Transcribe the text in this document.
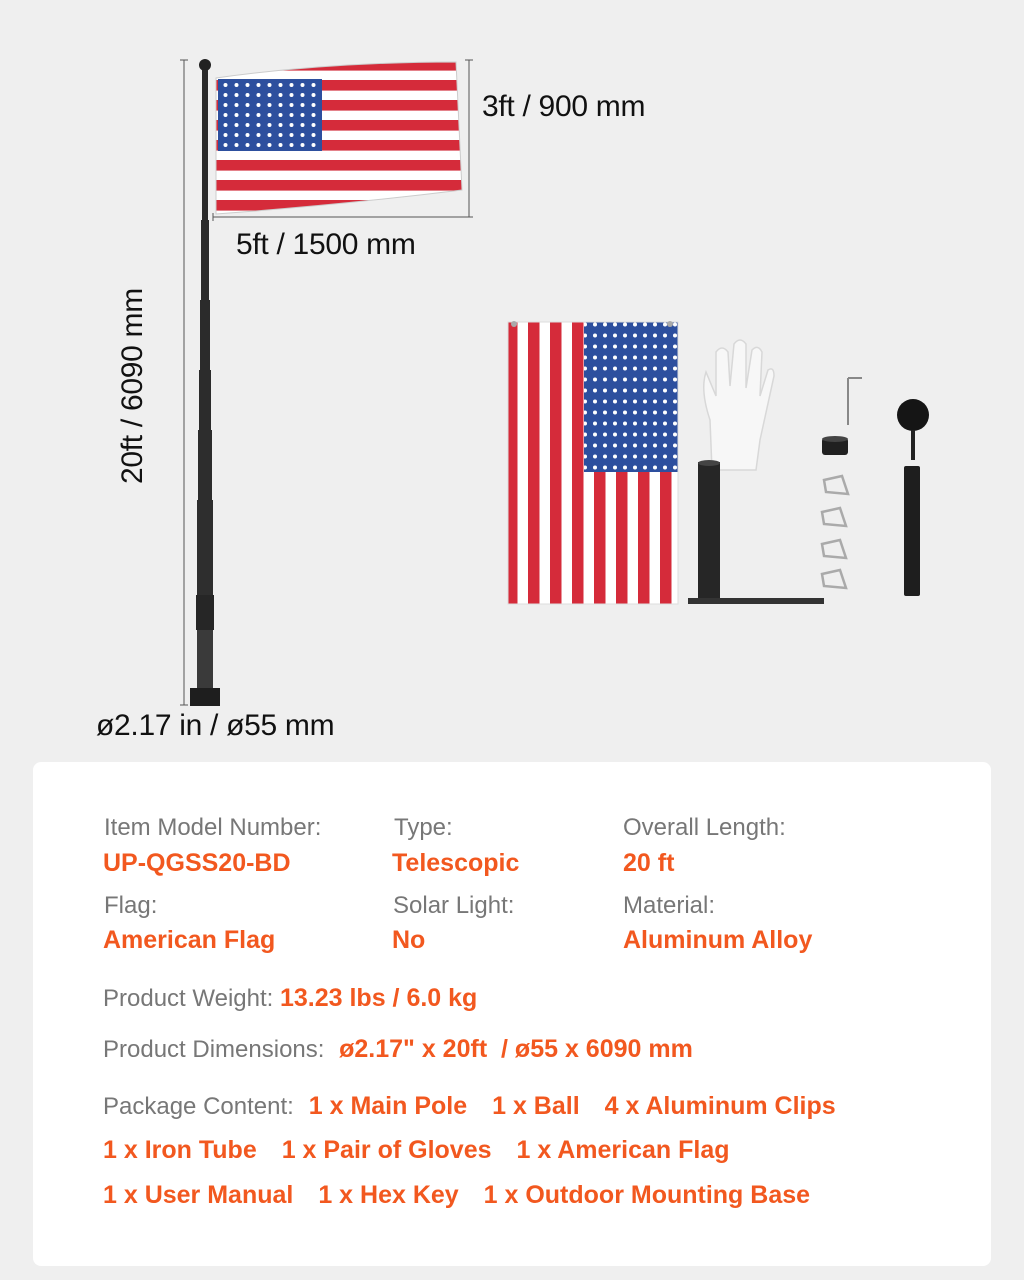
3ft / 900 mm
5ft / 1500 mm
20ft / 6090 mm
ø2.17 in / ø55 mm
Item Model Number:	Type:	Overall Length:
UP-QGSS20-BD	Telescopic	20 ft
Flag:	Solar Light:	Material:
American Flag	No	Aluminum Alloy
Product Weight: 13.23 lbs / 6.0 kg
Product Dimensions: ø2.17" x 20ft  / ø55 x 6090 mm
Package Content: 1 x Main Pole 1 x Ball 4 x Aluminum Clips
1 x Iron Tube 1 x Pair of Gloves 1 x American Flag
1 x User Manual 1 x Hex Key 1 x Outdoor Mounting Base
